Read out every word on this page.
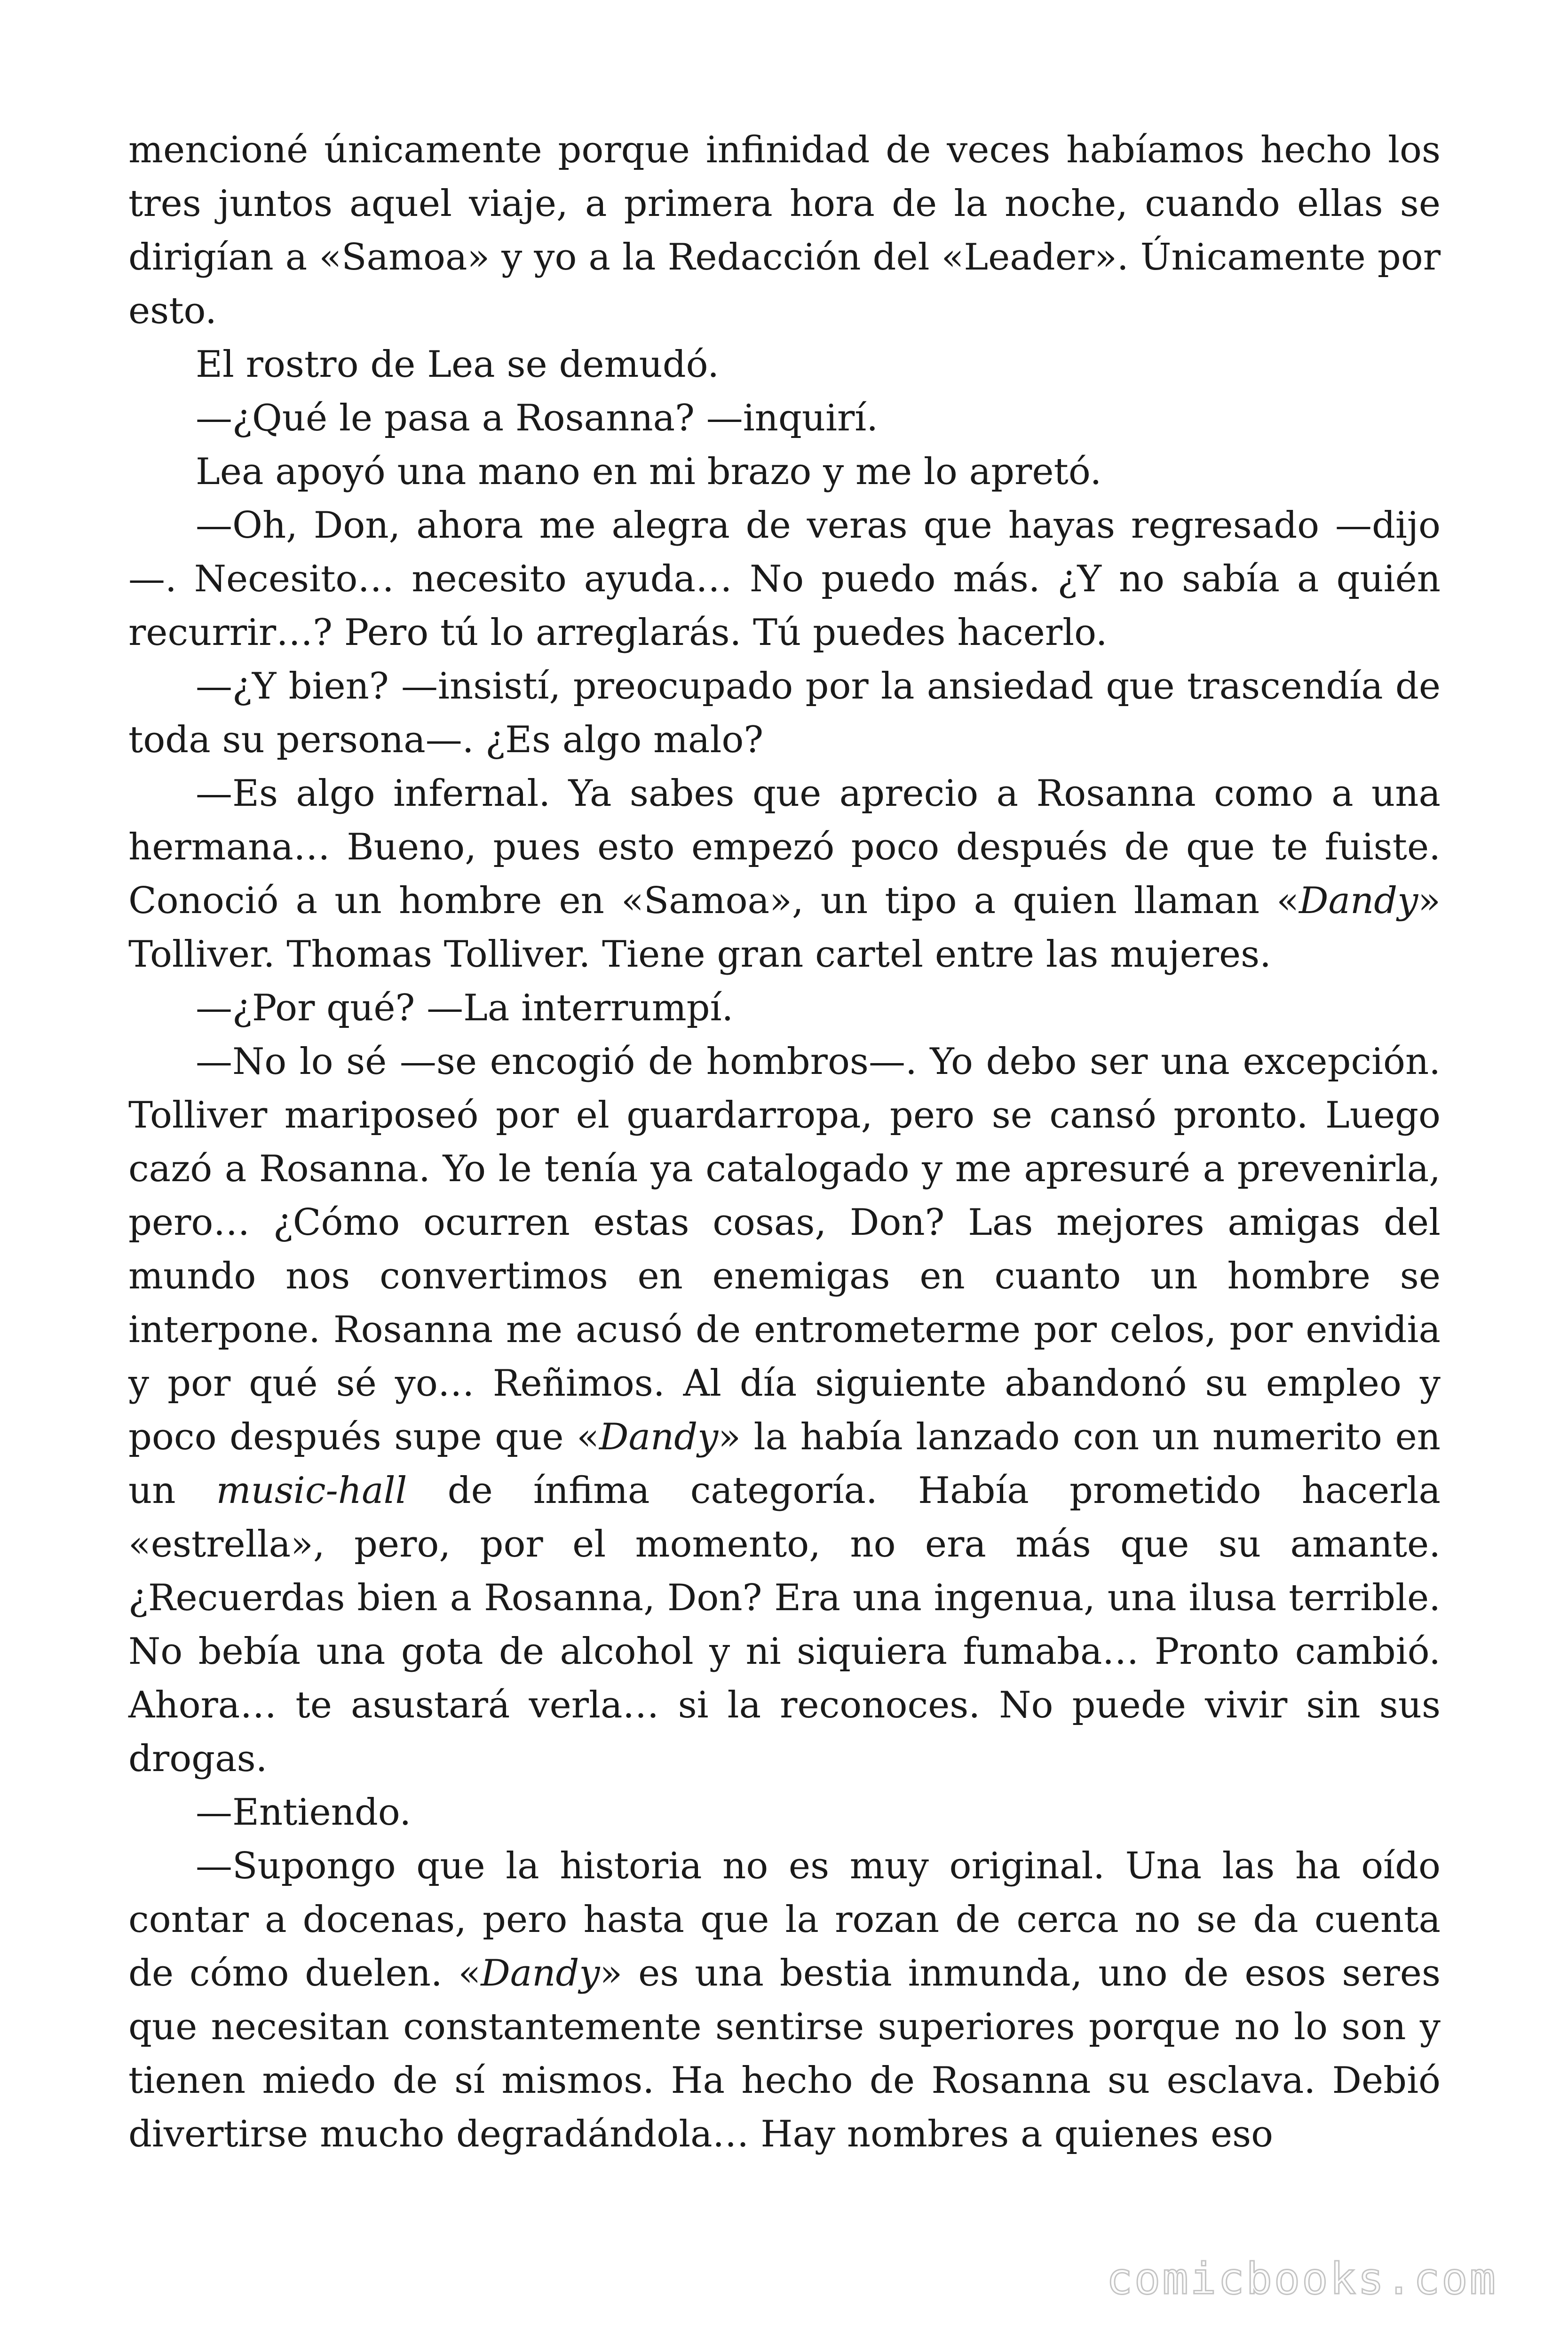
mencioné únicamente porque infinidad de veces habíamos hecho los tres juntos aquel viaje, a primera hora de la noche, cuando ellas se dirigían a «Samoa» y yo a la Redacción del «Leader». Únicamente por esto.

El rostro de Lea se demudó.

—¿Qué le pasa a Rosanna? —inquirí.

Lea apoyó una mano en mi brazo y me lo apretó.

—Oh, Don, ahora me alegra de veras que hayas regresado —dijo —. Necesito… necesito ayuda… No puedo más. ¿Y no sabía a quién recurrir…? Pero tú lo arreglarás. Tú puedes hacerlo.

—¿Y bien? —insistí, preocupado por la ansiedad que trascendía de toda su persona—. ¿Es algo malo?

—Es algo infernal. Ya sabes que aprecio a Rosanna como a una hermana… Bueno, pues esto empezó poco después de que te fuiste. Conoció a un hombre en «Samoa», un tipo a quien llaman «Dandy» Tolliver. Thomas Tolliver. Tiene gran cartel entre las mujeres.

—¿Por qué? —La interrumpí.

—No lo sé —se encogió de hombros—. Yo debo ser una excepción. Tolliver mariposeó por el guardarropa, pero se cansó pronto. Luego cazó a Rosanna. Yo le tenía ya catalogado y me apresuré a prevenirla, pero… ¿Cómo ocurren estas cosas, Don? Las mejores amigas del mundo nos convertimos en enemigas en cuanto un hombre se interpone. Rosanna me acusó de entrometerme por celos, por envidia y por qué sé yo… Reñimos. Al día siguiente abandonó su empleo y poco después supe que «Dandy» la había lanzado con un numerito en un music-hall de ínfima categoría. Había prometido hacerla «estrella», pero, por el momento, no era más que su amante. ¿Recuerdas bien a Rosanna, Don? Era una ingenua, una ilusa terrible. No bebía una gota de alcohol y ni siquiera fumaba… Pronto cambió. Ahora… te asustará verla… si la reconoces. No puede vivir sin sus drogas.

—Entiendo.

—Supongo que la historia no es muy original. Una las ha oído contar a docenas, pero hasta que la rozan de cerca no se da cuenta de cómo duelen. «Dandy» es una bestia inmunda, uno de esos seres que necesitan constantemente sentirse superiores porque no lo son y tienen miedo de sí mismos. Ha hecho de Rosanna su esclava. Debió divertirse mucho degradándola… Hay nombres a quienes eso

comicbooks.com
